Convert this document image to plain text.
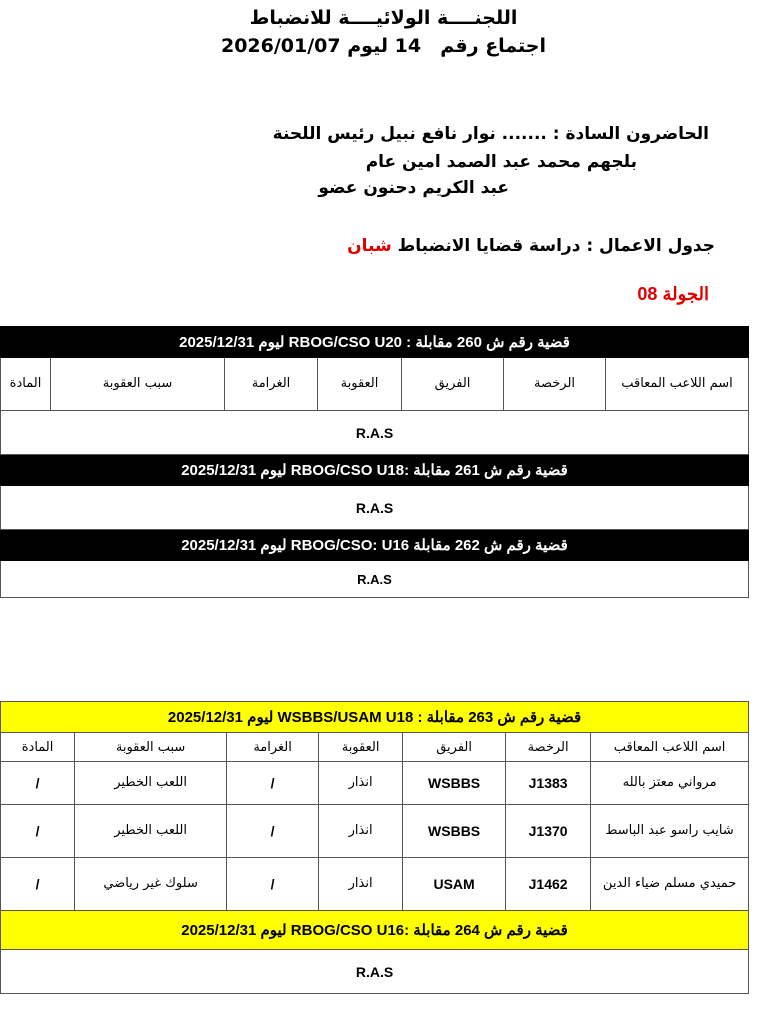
اللجنــــة الولائيــــة للانضباط
اجتماع رقم  14 ليوم 2026/01/07
الحاضرون السادة : ....... نوار نافع نبيل رئيس اللحنة
بلجهم محمد عبد الصمد امين عام
عبد الكريم دحنون عضو
جدول الاعمال : دراسة قضايا الانضباط شبان
الجولة 08
قضية رقم ش 260 مقابلة : RBOG/CSO U20 ليوم 2025/12/31
اسم اللاعب المعاقب	الرخصة	الفريق	العقوبة	الغرامة	سبب العقوبة	المادة
R.A.S
قضية رقم ش 261 مقابلة :RBOG/CSO U18 ليوم 2025/12/31
R.A.S
قضية رقم ش 262 مقابلة RBOG/CSO: U16 ليوم 2025/12/31
R.A.S
قضية رقم ش 263 مقابلة : WSBBS/USAM U18 ليوم 2025/12/31						
اسم اللاعب المعاقب	الرخصة	الفريق	العقوبة	الغرامة	سبب العقوبة	المادة
مرواني معتز بالله	J1383	WSBBS	انذار	/	اللعب الخطير	/
شايب راسو عبد الباسط	J1370	WSBBS	انذار	/	اللعب الخطير	/
حميدي مسلم ضياء الدين	J1462	USAM	انذار	/	سلوك غير رياضي	/
قضية رقم ش 264 مقابلة :RBOG/CSO U16 ليوم 2025/12/31						
R.A.S						
